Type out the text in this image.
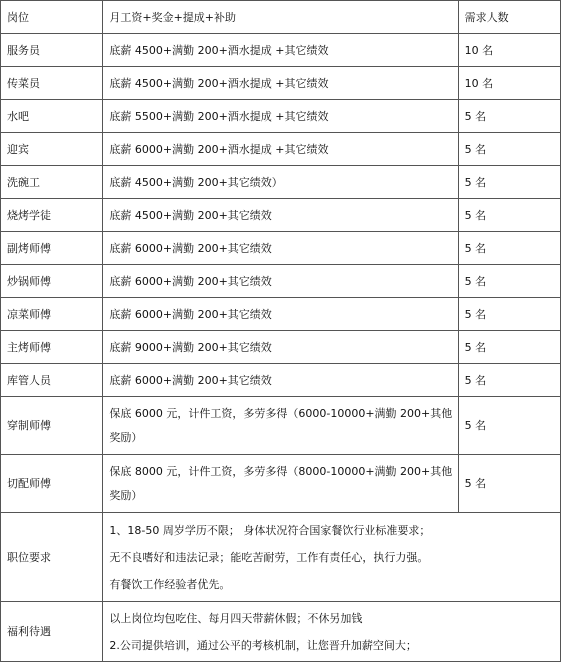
岗位	月工资+奖金+提成+补助	需求人数
服务员	底薪 4500+满勤 200+酒水提成 +其它绩效	10 名
传菜员	底薪 4500+满勤 200+酒水提成 +其它绩效	10 名
水吧	底薪 5500+满勤 200+酒水提成 +其它绩效	5 名
迎宾	底薪 6000+满勤 200+酒水提成 +其它绩效	5 名
洗碗工	底薪 4500+满勤 200+其它绩效）	5 名
烧烤学徒	底薪 4500+满勤 200+其它绩效	5 名
副烤师傅	底薪 6000+满勤 200+其它绩效	5 名
炒锅师傅	底薪 6000+满勤 200+其它绩效	5 名
凉菜师傅	底薪 6000+满勤 200+其它绩效	5 名
主烤师傅	底薪 9000+满勤 200+其它绩效	5 名
库管人员	底薪 6000+满勤 200+其它绩效	5 名
穿制师傅	保底 6000 元，计件工资，多劳多得（6000-10000+满勤 200+其他奖励）	5 名
切配师傅	保底 8000 元，计件工资，多劳多得（8000-10000+满勤 200+其他奖励）	5 名
职位要求	1、18-50 周岁学历不限； 身体状况符合国家餐饮行业标准要求；
无不良嗜好和违法记录；能吃苦耐劳，工作有责任心，执行力强。
有餐饮工作经验者优先。	

福利待遇	以上岗位均包吃住、每月四天带薪休假；不休另加钱
2.公司提供培训，通过公平的考核机制，让您晋升加薪空间大；	
